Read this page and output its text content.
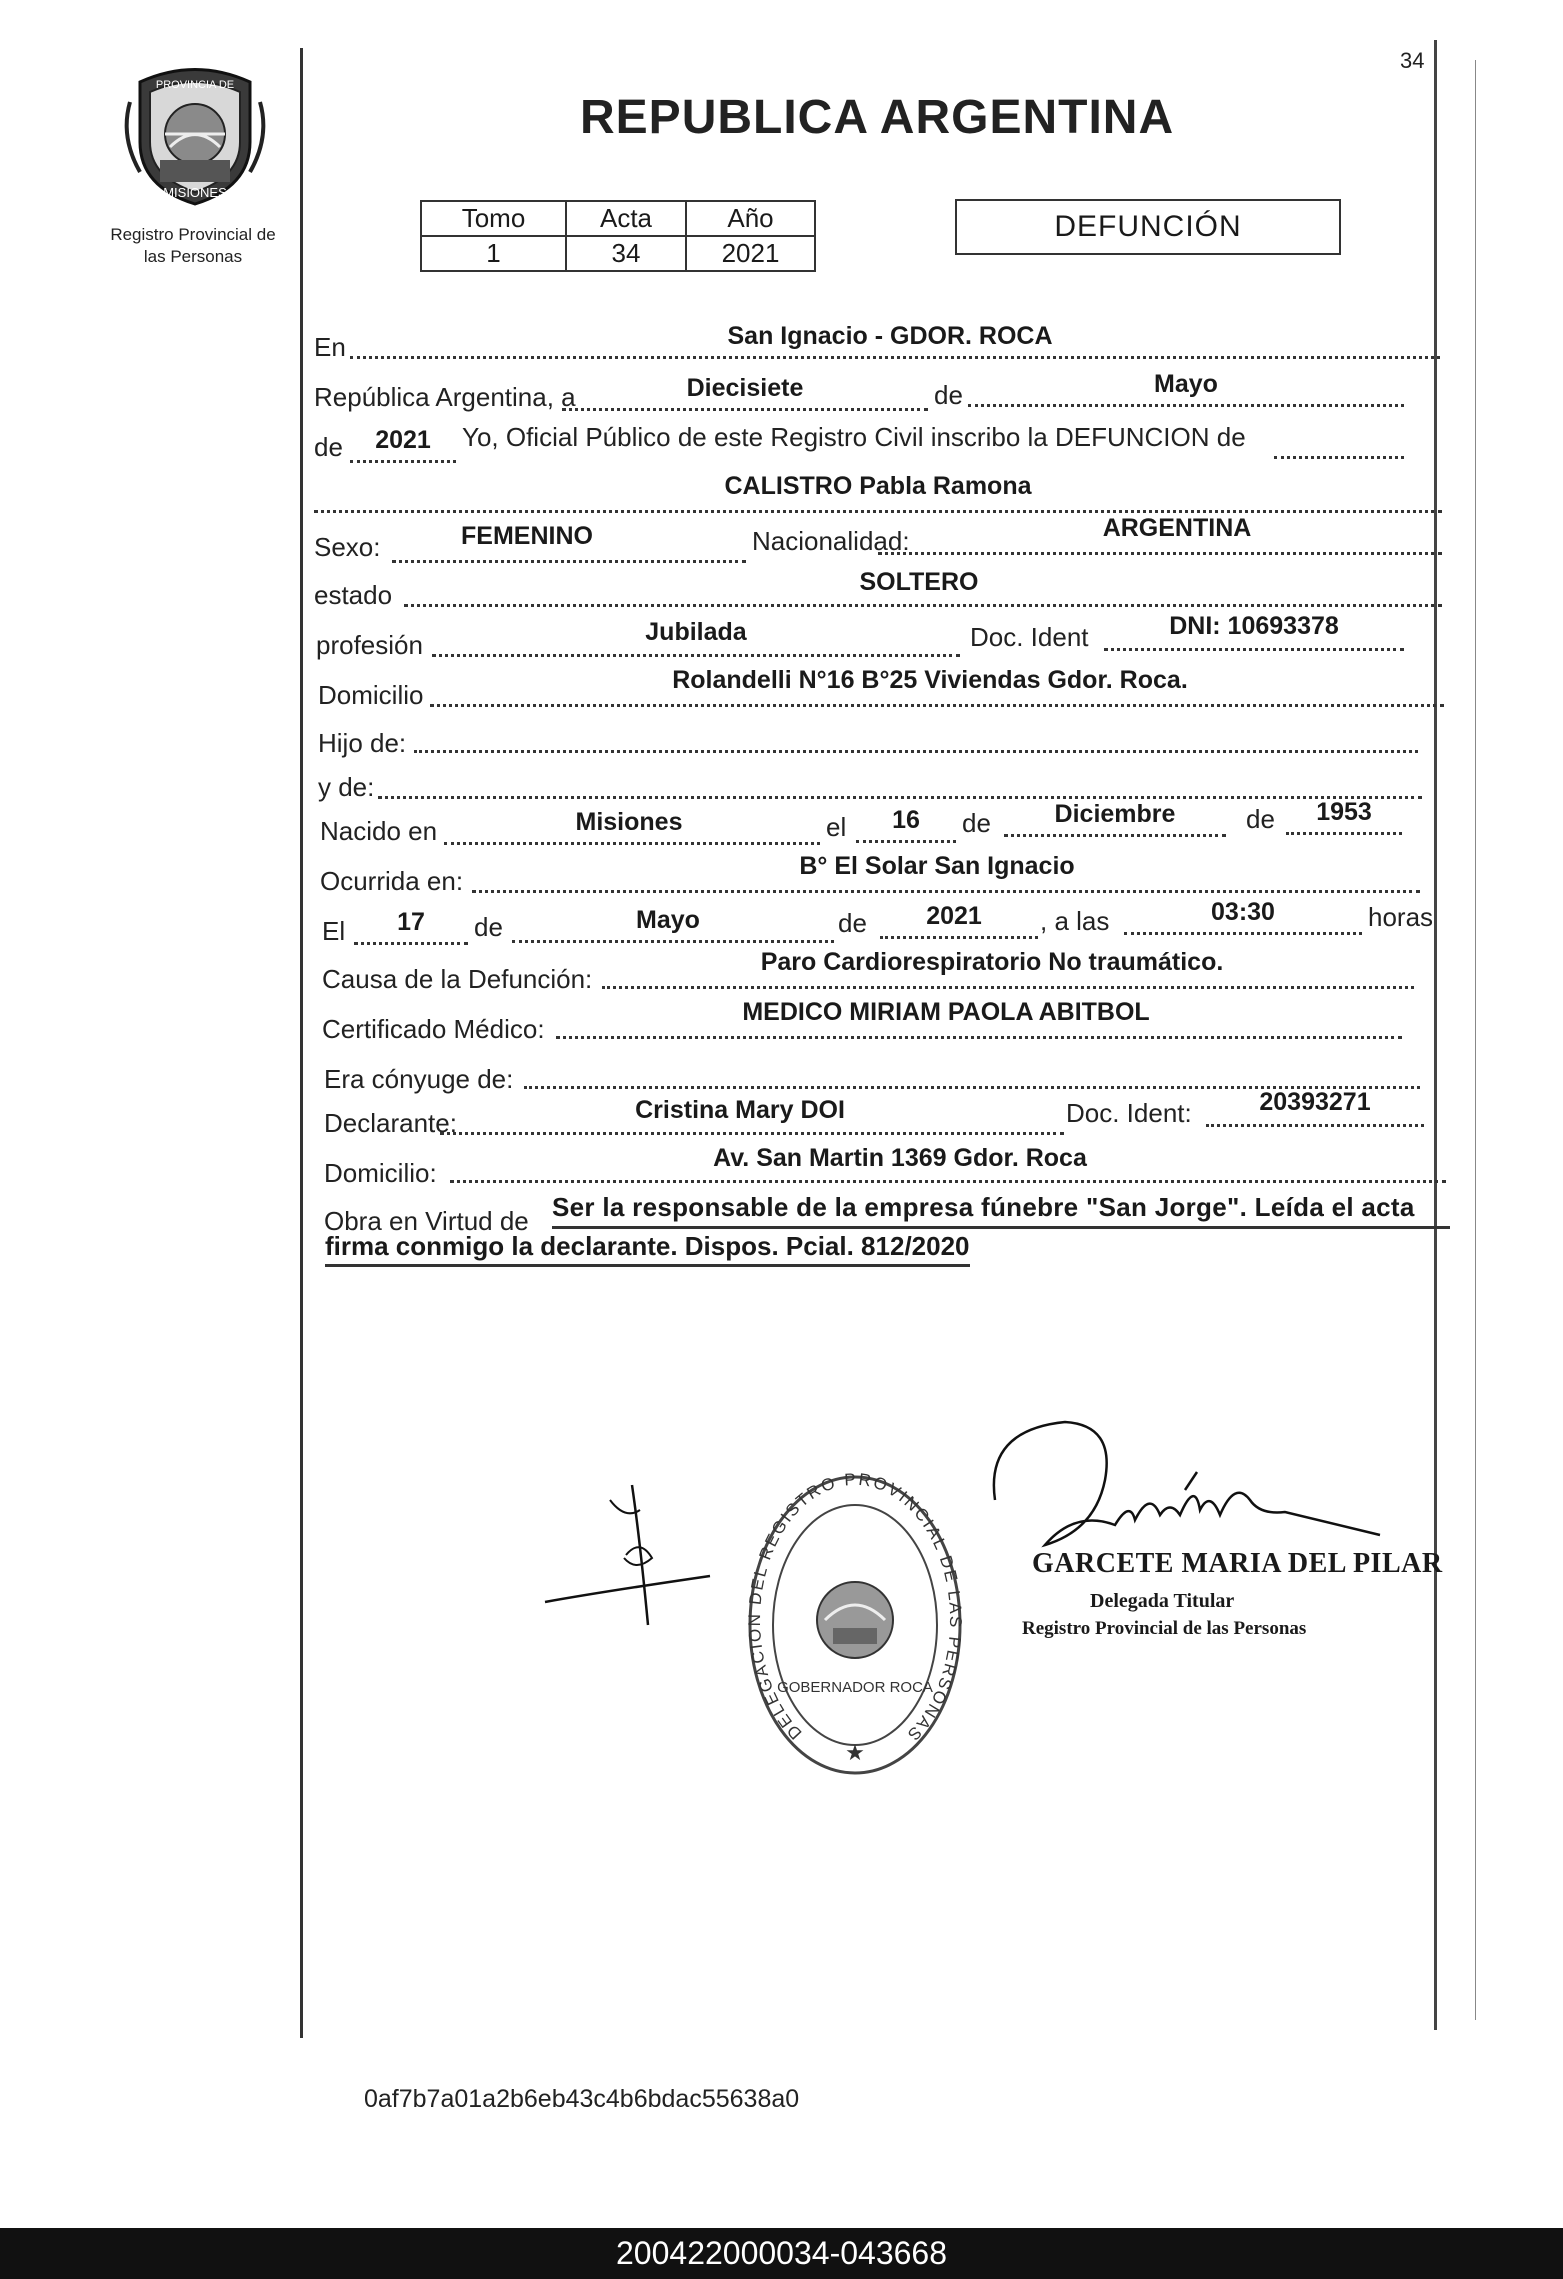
PROVINCIA DE
MISIONES
Registro Provincial de
las Personas
34
REPUBLICA ARGENTINA
Tomo	Acta	Año
1	34	2021
DEFUNCIÓN
En	San Ignacio - GDOR. ROCA
República Argentina, a	Diecisiete	de	Mayo
de	2021	Yo, Oficial Público de este Registro Civil inscribo la DEFUNCION de
CALISTRO Pabla Ramona
Sexo:	FEMENINO	Nacionalidad:	ARGENTINA
estado	SOLTERO
profesión	Jubilada	Doc. Ident	DNI: 10693378
Domicilio	Rolandelli N°16 B°25 Viviendas Gdor. Roca.
Hijo de:
y de:
Nacido en	Misiones	el	16	de	Diciembre	de	1953
Ocurrida en:	B° El Solar San Ignacio
El	17	de	Mayo	de	2021	, a las	03:30	horas
Causa de la Defunción:
Paro Cardiorespiratorio No traumático.
Certificado Médico:
MEDICO MIRIAM PAOLA ABITBOL
Era cónyuge de:
Declarante:	Cristina Mary DOI	Doc. Ident:	20393271
Domicilio:	Av. San Martin 1369 Gdor. Roca
Obra en Virtud de Ser la responsable de la empresa fúnebre "San Jorge". Leída el acta
firma conmigo la declarante. Dispos. Pcial. 812/2020
DELEGACION DEL REGISTRO PROVINCIAL DE LAS PERSONAS
GOBERNADOR ROCA
★
GARCETE MARIA DEL PILAR
Delegada Titular
Registro Provincial de las Personas
0af7b7a01a2b6eb43c4b6bdac55638a0
200422000034-043668
